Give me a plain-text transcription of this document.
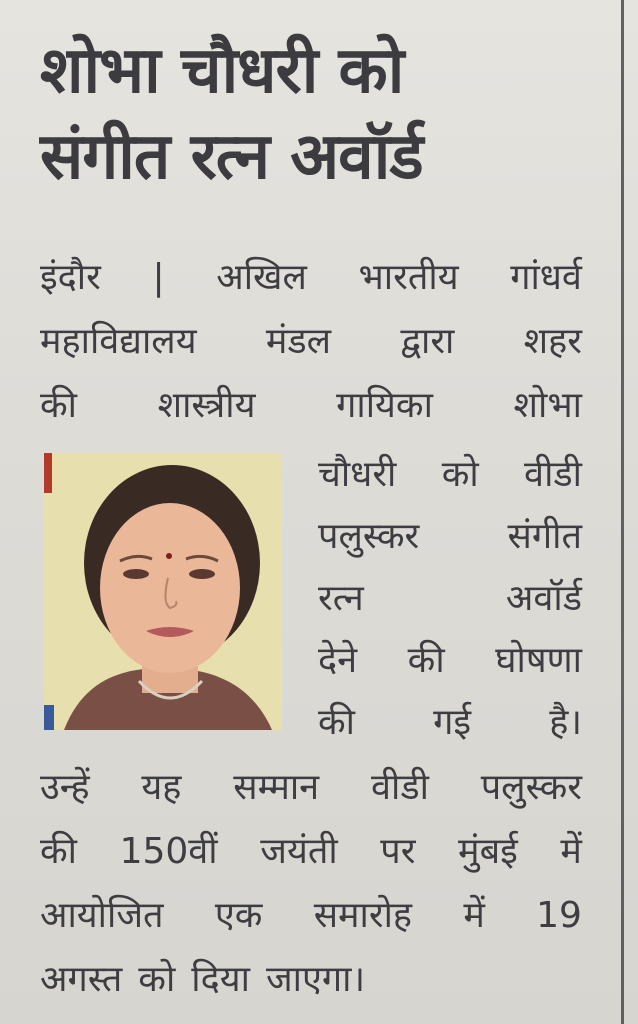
शोभा चौधरी को
संगीत रत्न अवॉर्ड
इंदौर | अखिल भारतीय गांधर्व
महाविद्यालय मंडल द्वारा शहर
की शास्त्रीय गायिका शोभा
चौधरी को वीडी
पलुस्कर संगीत
रत्न	अवॉर्ड
देने की घोषणा
की गई है।
उन्हें यह सम्मान वीडी पलुस्कर
की 150वीं जयंती पर मुंबई में
आयोजित एक समारोह में 19
अगस्त को दिया जाएगा।
